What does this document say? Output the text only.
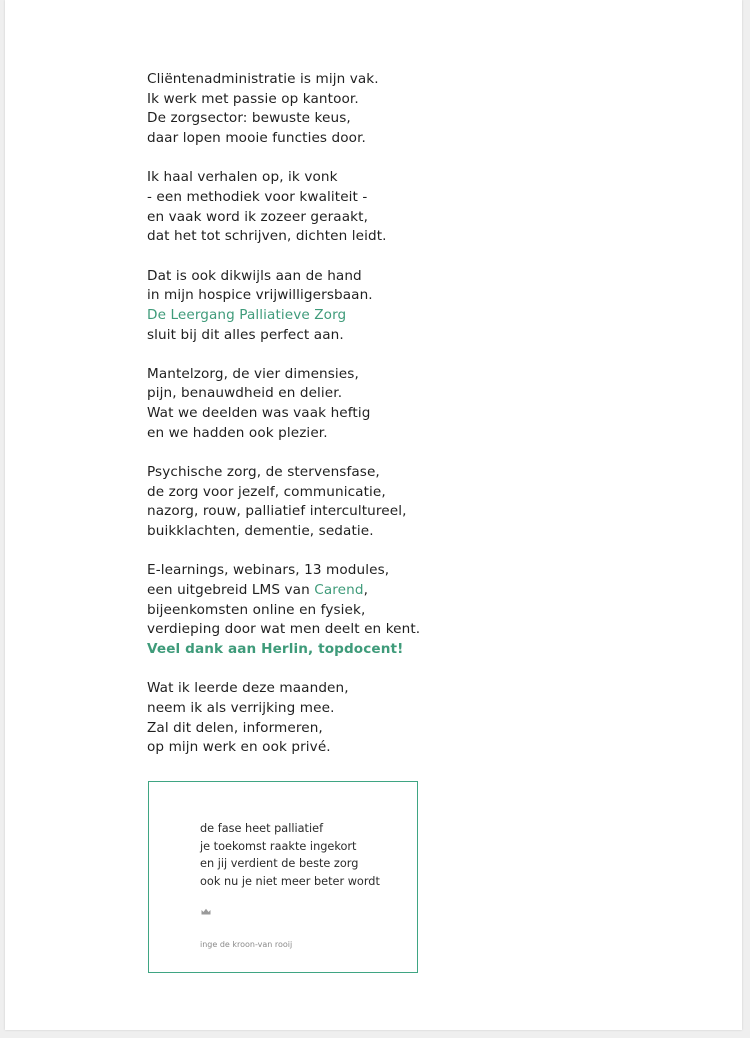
Cliëntenadministratie is mijn vak.
Ik werk met passie op kantoor.
De zorgsector: bewuste keus,
daar lopen mooie functies door.
Ik haal verhalen op, ik vonk
- een methodiek voor kwaliteit -
en vaak word ik zozeer geraakt,
dat het tot schrijven, dichten leidt.
Dat is ook dikwijls aan de hand
in mijn hospice vrijwilligersbaan.
De Leergang Palliatieve Zorg
sluit bij dit alles perfect aan.
Mantelzorg, de vier dimensies,
pijn, benauwdheid en delier.
Wat we deelden was vaak heftig
en we hadden ook plezier.
Psychische zorg, de stervensfase,
de zorg voor jezelf, communicatie,
nazorg, rouw, palliatief intercultureel,
buikklachten, dementie, sedatie.
E-learnings, webinars, 13 modules,
een uitgebreid LMS van Carend,
bijeenkomsten online en fysiek,
verdieping door wat men deelt en kent.
Veel dank aan Herlin, topdocent!
Wat ik leerde deze maanden,
neem ik als verrijking mee.
Zal dit delen, informeren,
op mijn werk en ook privé.
de fase heet palliatief
je toekomst raakte ingekort
en jij verdient de beste zorg
ook nu je niet meer beter wordt
inge de kroon-van rooij
